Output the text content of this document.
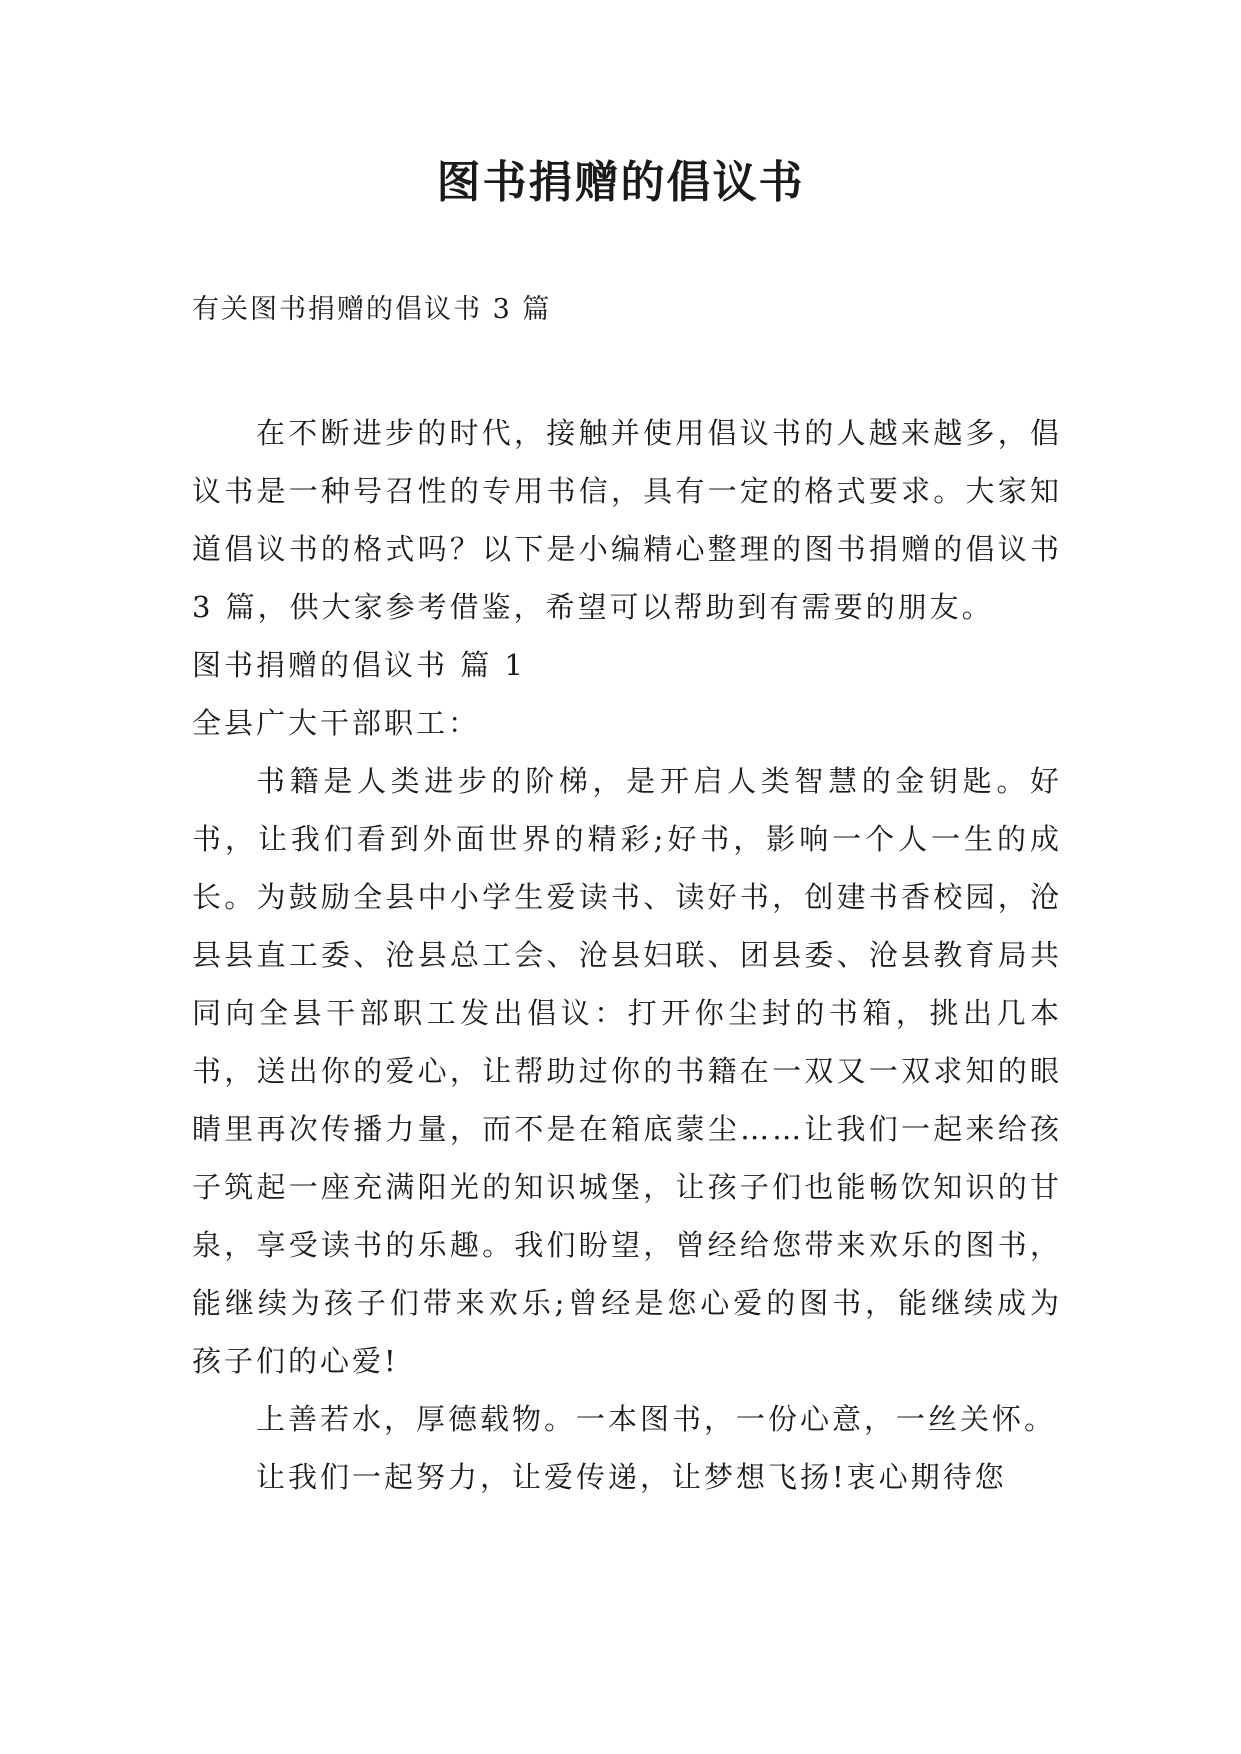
图书捐赠的倡议书
有关图书捐赠的倡议书 3 篇

在不断进步的时代，接触并使用倡议书的人越来越多，倡议书是一种号召性的专用书信，具有一定的格式要求。大家知道倡议书的格式吗？以下是小编精心整理的图书捐赠的倡议书 3 篇，供大家参考借鉴，希望可以帮助到有需要的朋友。

图书捐赠的倡议书 篇 1

全县广大干部职工：

书籍是人类进步的阶梯，是开启人类智慧的金钥匙。好书，让我们看到外面世界的精彩;好书，影响一个人一生的成长。为鼓励全县中小学生爱读书、读好书，创建书香校园，沧县县直工委、沧县总工会、沧县妇联、团县委、沧县教育局共同向全县干部职工发出倡议：打开你尘封的书箱，挑出几本书，送出你的爱心，让帮助过你的书籍在一双又一双求知的眼睛里再次传播力量，而不是在箱底蒙尘……让我们一起来给孩子筑起一座充满阳光的知识城堡，让孩子们也能畅饮知识的甘泉，享受读书的乐趣。我们盼望，曾经给您带来欢乐的图书，能继续为孩子们带来欢乐;曾经是您心爱的图书，能继续成为孩子们的心爱!

上善若水，厚德载物。一本图书，一份心意，一丝关怀。

让我们一起努力，让爱传递，让梦想飞扬!衷心期待您
